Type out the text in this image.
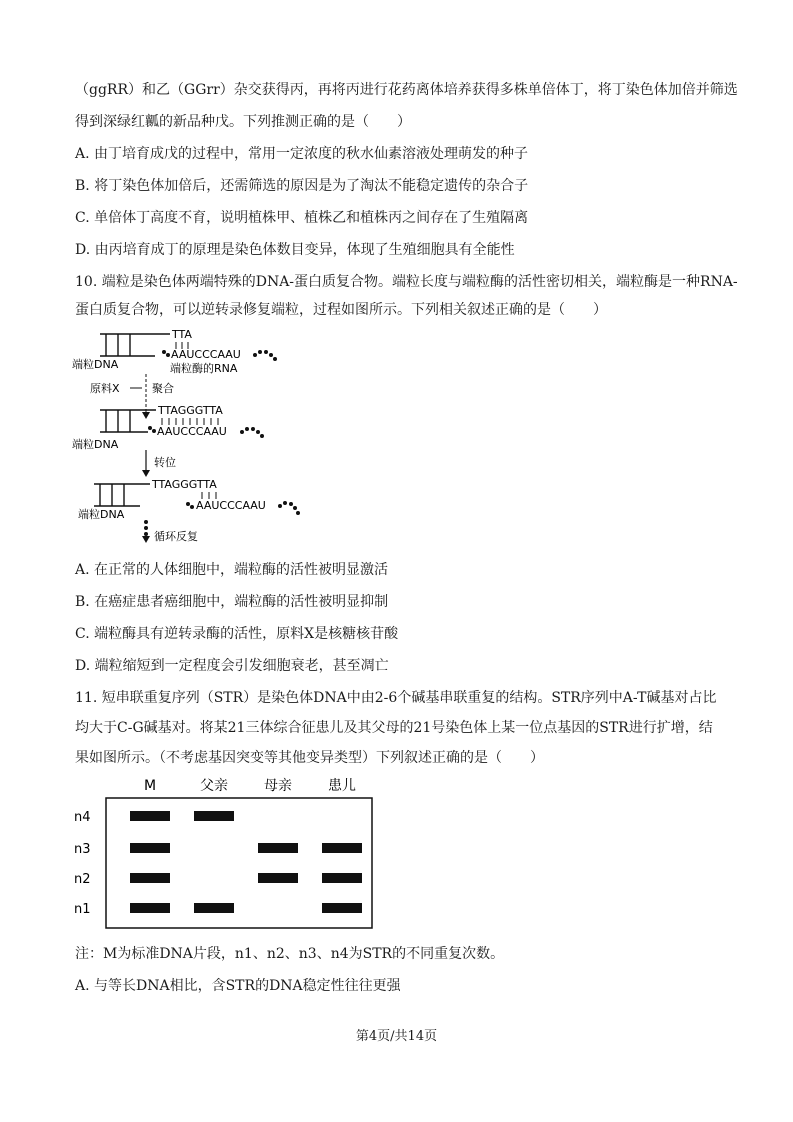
（ggRR）和乙（GGrr）杂交获得丙，再将丙进行花药离体培养获得多株单倍体丁，将丁染色体加倍并筛选
得到深绿红瓤的新品种戊。下列推测正确的是（　　）
A. 由丁培育成戊的过程中，常用一定浓度的秋水仙素溶液处理萌发的种子
B. 将丁染色体加倍后，还需筛选的原因是为了淘汰不能稳定遗传的杂合子
C. 单倍体丁高度不育，说明植株甲、植株乙和植株丙之间存在了生殖隔离
D. 由丙培育成丁的原理是染色体数目变异，体现了生殖细胞具有全能性
10. 端粒是染色体两端特殊的DNA-蛋白质复合物。端粒长度与端粒酶的活性密切相关，端粒酶是一种RNA-
蛋白质复合物，可以逆转录修复端粒，过程如图所示。下列相关叙述正确的是（　　）
TTA
AAUCCCAAU
端粒DNA	端粒酶的RNA
原料X	聚合
TTAGGGTTA
AAUCCCAAU
端粒DNA
转位
TTAGGGTTA
AAUCCCAAU
端粒DNA
循环反复
A. 在正常的人体细胞中，端粒酶的活性被明显激活
B. 在癌症患者癌细胞中，端粒酶的活性被明显抑制
C. 端粒酶具有逆转录酶的活性，原料X是核糖核苷酸
D. 端粒缩短到一定程度会引发细胞衰老，甚至凋亡
11. 短串联重复序列（STR）是染色体DNA中由2-6个碱基串联重复的结构。STR序列中A-T碱基对占比
均大于C-G碱基对。将某21三体综合征患儿及其父母的21号染色体上某一位点基因的STR进行扩增，结
果如图所示。（不考虑基因突变等其他变异类型）下列叙述正确的是（　　）
M	父亲	母亲	患儿
n4
n3
n2
n1
注：M为标准DNA片段，n1、n2、n3、n4为STR的不同重复次数。
A. 与等长DNA相比，含STR的DNA稳定性往往更强
第4页/共14页
